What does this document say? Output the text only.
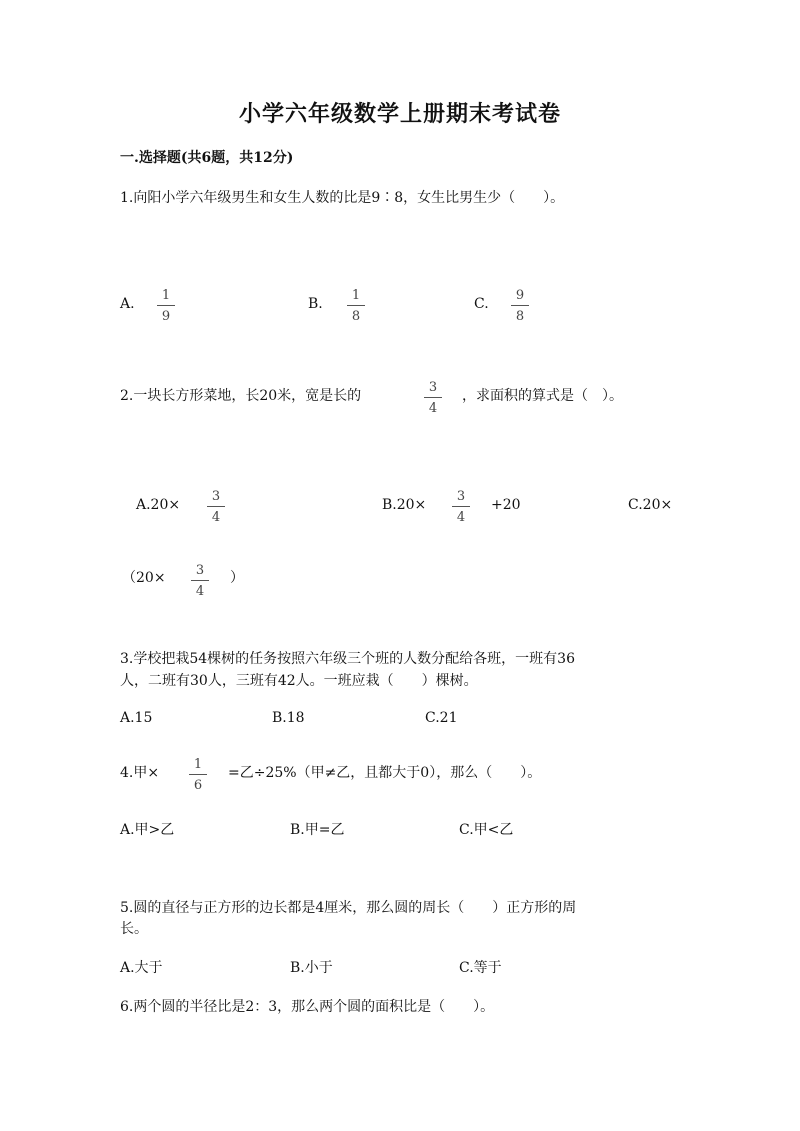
小学六年级数学上册期末考试卷
一.选择题(共6题，共12分)
1.向阳小学六年级男生和女生人数的比是9∶8，女生比男生少（　　）。
A.
1
9
B.
1
8
C.
9
8
2.一块长方形菜地，长20米，宽是长的
3
4
，求面积的算式是（　）。
A.20×
3
4
B.20×
3
4
+20	C.20×
（20×	3
4
）
3.学校把栽54棵树的任务按照六年级三个班的人数分配给各班，一班有36
人，二班有30人，三班有42人。一班应栽（　　）棵树。
A.15	B.18	C.21
4.甲×
1
6
=乙÷25%（甲≠乙，且都大于0），那么（　　）。
A.甲>乙	B.甲=乙	C.甲<乙
5.圆的直径与正方形的边长都是4厘米，那么圆的周长（　　）正方形的周
长。
A.大于	B.小于	C.等于
6.两个圆的半径比是2：3，那么两个圆的面积比是（　　）。
